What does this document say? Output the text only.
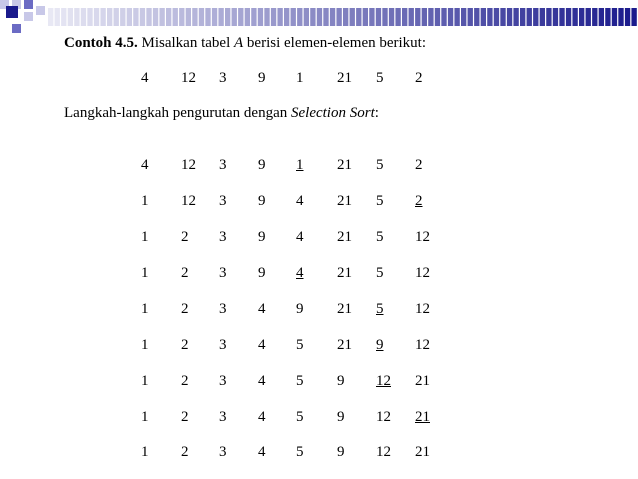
Contoh 4.5. Misalkan tabel A berisi elemen-elemen berikut:
4 12 3 9 1 21 5 2
Langkah-langkah pengurutan dengan Selection Sort:
4 12 3 9 1 21 5 2
1 12 3 9 4 21 5 2
1 2 3 9 4 21 5 12
1 2 3 9 4 21 5 12
1 2 3 4 9 21 5 12
1 2 3 4 5 21 9 12
1 2 3 4 5 9 12 21
1 2 3 4 5 9 12 21
1 2 3 4 5 9 12 21
